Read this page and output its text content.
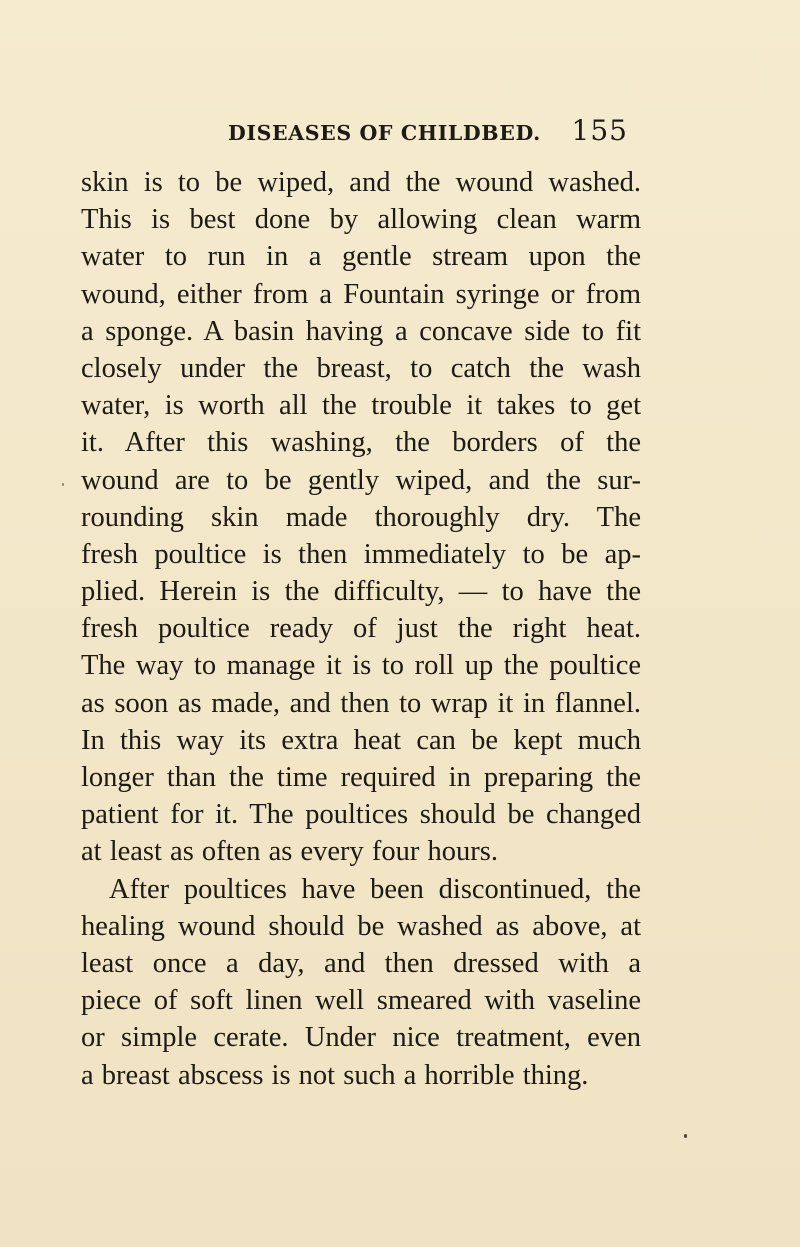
DISEASES OF CHILDBED. 155
skin is to be wiped, and the wound washed.
This is best done by allowing clean warm
water to run in a gentle stream upon the
wound, either from a Fountain syringe or from
a sponge. A basin having a concave side to fit
closely under the breast, to catch the wash
water, is worth all the trouble it takes to get
it. After this washing, the borders of the
wound are to be gently wiped, and the sur-
rounding skin made thoroughly dry. The
fresh poultice is then immediately to be ap-
plied. Herein is the difficulty, — to have the
fresh poultice ready of just the right heat.
The way to manage it is to roll up the poultice
as soon as made, and then to wrap it in flannel.
In this way its extra heat can be kept much
longer than the time required in preparing the
patient for it. The poultices should be changed
at least as often as every four hours.
After poultices have been discontinued, the
healing wound should be washed as above, at
least once a day, and then dressed with a
piece of soft linen well smeared with vaseline
or simple cerate. Under nice treatment, even
a breast abscess is not such a horrible thing.
